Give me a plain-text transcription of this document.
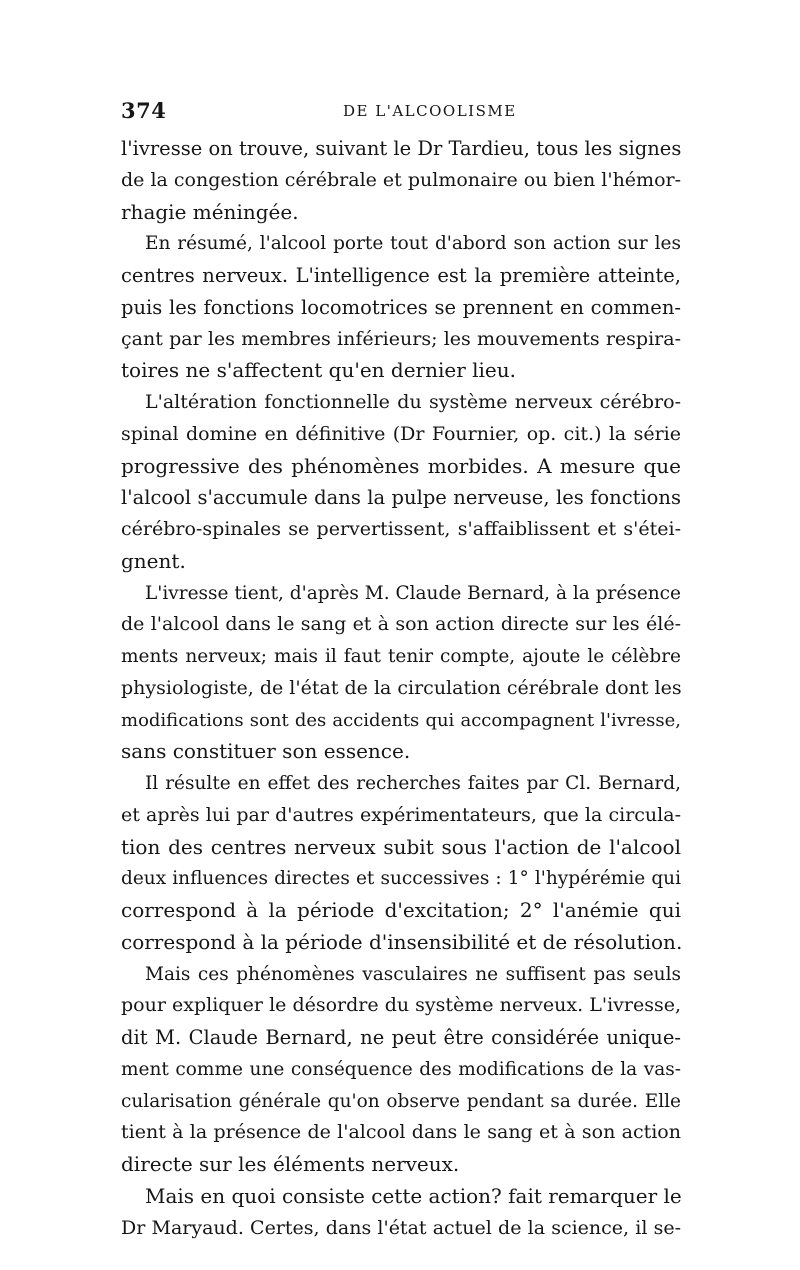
374	DE L'ALCOOLISME
l'ivresse on trouve, suivant le Dr Tardieu, tous les signes
de la congestion cérébrale et pulmonaire ou bien l'hémor-
rhagie méningée.
En résumé, l'alcool porte tout d'abord son action sur les
centres nerveux. L'intelligence est la première atteinte,
puis les fonctions locomotrices se prennent en commen-
çant par les membres inférieurs; les mouvements respira-
toires ne s'affectent qu'en dernier lieu.
L'altération fonctionnelle du système nerveux cérébro-
spinal domine en définitive (Dr Fournier, op. cit.) la série
progressive des phénomènes morbides. A mesure que
l'alcool s'accumule dans la pulpe nerveuse, les fonctions
cérébro-spinales se pervertissent, s'affaiblissent et s'étei-
gnent.
L'ivresse tient, d'après M. Claude Bernard, à la présence
de l'alcool dans le sang et à son action directe sur les élé-
ments nerveux; mais il faut tenir compte, ajoute le célèbre
physiologiste, de l'état de la circulation cérébrale dont les
modifications sont des accidents qui accompagnent l'ivresse,
sans constituer son essence.
Il résulte en effet des recherches faites par Cl. Bernard,
et après lui par d'autres expérimentateurs, que la circula-
tion des centres nerveux subit sous l'action de l'alcool
deux influences directes et successives : 1° l'hypérémie qui
correspond à la période d'excitation; 2° l'anémie qui
correspond à la période d'insensibilité et de résolution.
Mais ces phénomènes vasculaires ne suffisent pas seuls
pour expliquer le désordre du système nerveux. L'ivresse,
dit M. Claude Bernard, ne peut être considérée unique-
ment comme une conséquence des modifications de la vas-
cularisation générale qu'on observe pendant sa durée. Elle
tient à la présence de l'alcool dans le sang et à son action
directe sur les éléments nerveux.
Mais en quoi consiste cette action? fait remarquer le
Dr Maryaud. Certes, dans l'état actuel de la science, il se-
